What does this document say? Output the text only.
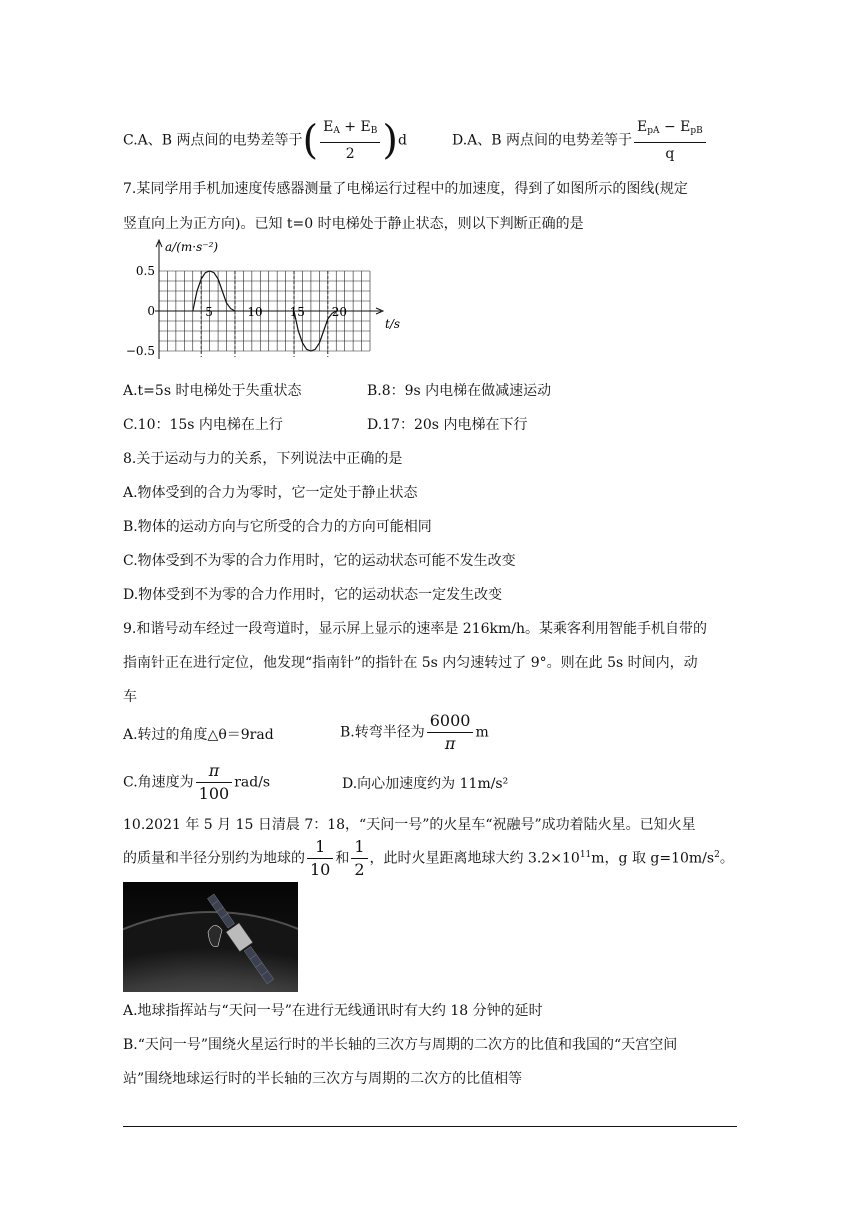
C.A、B 两点间的电势差等于( $\frac{E_A + E_B}{2} )d$	D.A、B 两点间的电势差等于 $\frac{E_{pA} - E_{pB}}{q}$
7.某同学用手机加速度传感器测量了电梯运行过程中的加速度，得到了如图所示的图线(规定
竖直向上为正方向)。已知 t=0 时电梯处于静止状态，则以下判断正确的是
0.5
0
−0.5
5	10 15 20
a/(m·s⁻²)
t/s
A.t=5s 时电梯处于失重状态	B.8：9s 内电梯在做减速运动
C.10：15s 内电梯在上行	D.17：20s 内电梯在下行
8.关于运动与力的关系，下列说法中正确的是
A.物体受到的合力为零时，它一定处于静止状态
B.物体的运动方向与它所受的合力的方向可能相同
C.物体受到不为零的合力作用时，它的运动状态可能不发生改变
D.物体受到不为零的合力作用时，它的运动状态一定发生改变
9.和谐号动车经过一段弯道时，显示屏上显示的速率是 216km/h。某乘客利用智能手机自带的
指南针正在进行定位，他发现“指南针”的指针在 5s 内匀速转过了 9°。则在此 5s 时间内，动
车
A.转过的角度△θ＝9rad	B.转弯半径为 $\frac{6000}{\pi}$ m
C.角速度为 $\frac{\pi}{100} rad/s$	D.向心加速度约为 11m/s²
10.2021 年 5 月 15 日清晨 7：18，“天问一号”的火星车“祝融号”成功着陆火星。已知火星
的质量和半径分别约为地球的 $\frac{1}{10}$ 和 $\frac{1}{2}$ ，此时火星距离地球大约 $3.2\times 10^{11}m$，g 取 $g=10m/s^2$。
A.地球指挥站与“天问一号”在进行无线通讯时有大约 18 分钟的延时
B.“天问一号”围绕火星运行时的半长轴的三次方与周期的二次方的比值和我国的“天宫空间
站”围绕地球运行时的半长轴的三次方与周期的二次方的比值相等
